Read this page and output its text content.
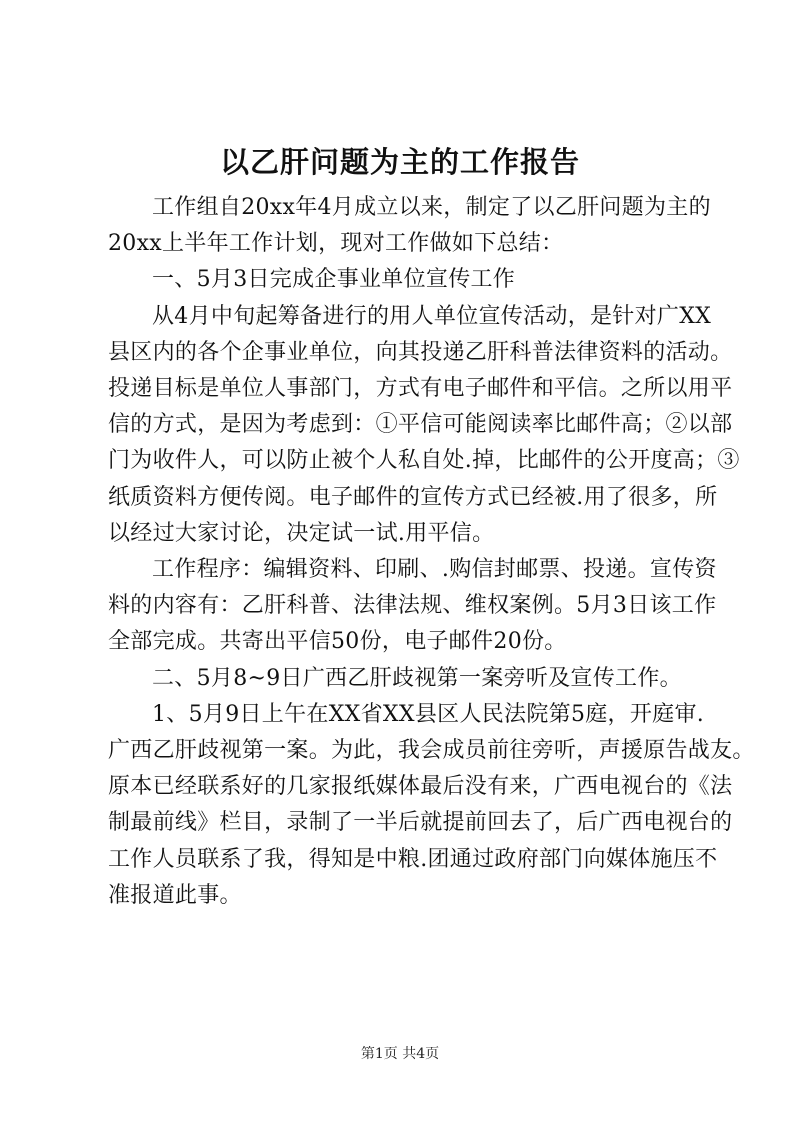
以乙肝问题为主的工作报告

工作组自20xx年4月成立以来，制定了以乙肝问题为主的
20xx上半年工作计划，现对工作做如下总结：

一、5月3日完成企事业单位宣传工作

从4月中旬起筹备进行的用人单位宣传活动，是针对广XX
县区内的各个企事业单位，向其投递乙肝科普法律资料的活动。
投递目标是单位人事部门，方式有电子邮件和平信。之所以用平
信的方式，是因为考虑到：①平信可能阅读率比邮件高；②以部
门为收件人，可以防止被个人私自处.掉，比邮件的公开度高；③
纸质资料方便传阅。电子邮件的宣传方式已经被.用了很多，所
以经过大家讨论，决定试一试.用平信。

工作程序：编辑资料、印刷、.购信封邮票、投递。宣传资
料的内容有：乙肝科普、法律法规、维权案例。5月3日该工作
全部完成。共寄出平信50份，电子邮件20份。

二、5月8~9日广西乙肝歧视第一案旁听及宣传工作。

1、5月9日上午在XX省XX县区人民法院第5庭，开庭审.
广西乙肝歧视第一案。为此，我会成员前往旁听，声援原告战友。
原本已经联系好的几家报纸媒体最后没有来，广西电视台的《法
制最前线》栏目，录制了一半后就提前回去了，后广西电视台的
工作人员联系了我，得知是中粮.团通过政府部门向媒体施压不
准报道此事。

第1页 共4页
